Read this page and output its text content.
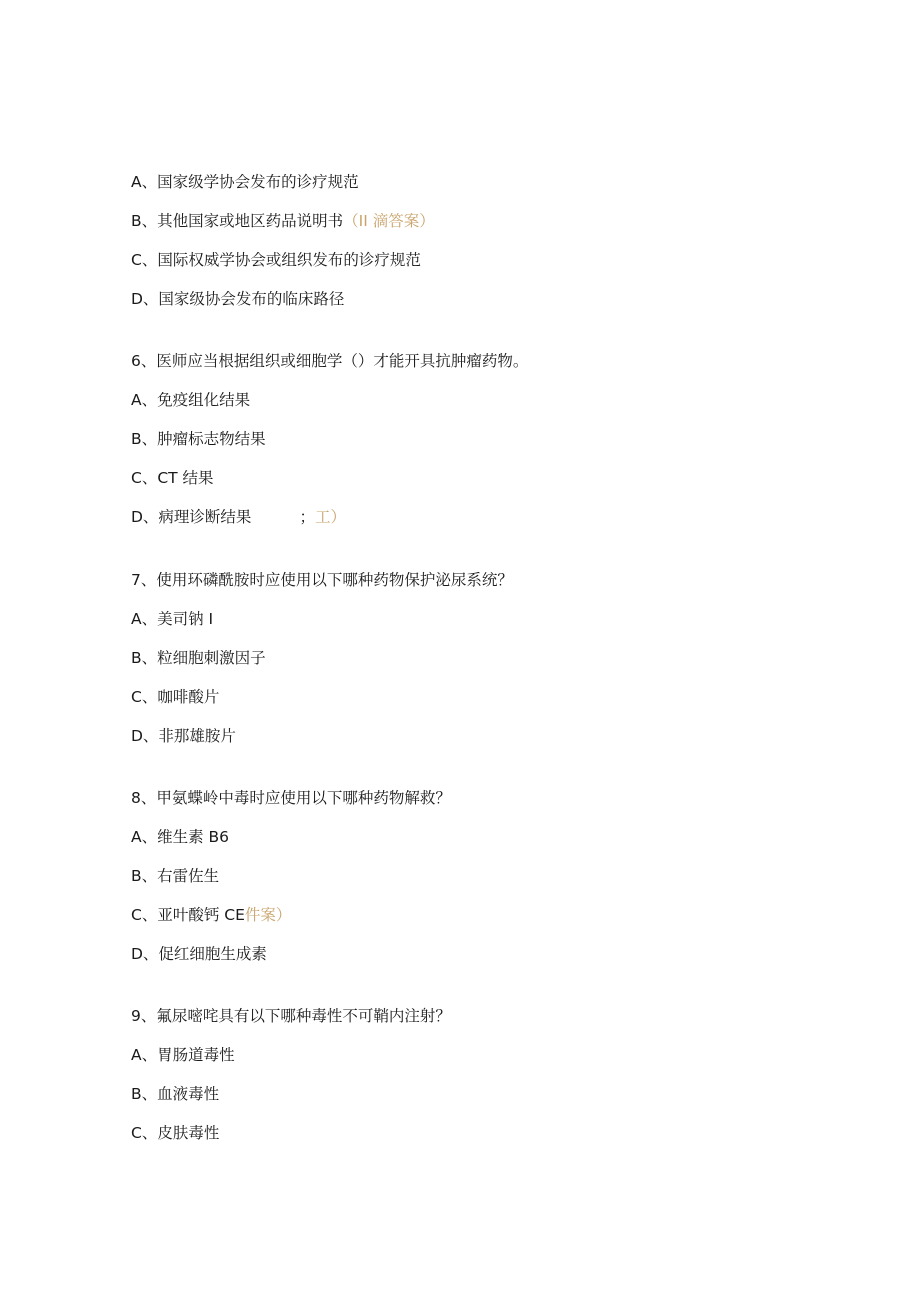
A、国家级学协会发布的诊疗规范
B、其他国家或地区药品说明书（II 滴答案）
C、国际权威学协会或组织发布的诊疗规范
D、国家级协会发布的临床路径
6、医师应当根据组织或细胞学（）才能开具抗肿瘤药物。
A、免疫组化结果
B、肿瘤标志物结果
C、CT 结果
D、病理诊断结果	；工）
7、使用环磷酰胺时应使用以下哪种药物保护泌尿系统？
A、美司钠 I
B、粒细胞刺激因子
C、咖啡酸片
D、非那雄胺片
8、甲氨蝶岭中毒时应使用以下哪种药物解救？
A、维生素 B6
B、右雷佐生
C、亚叶酸钙 CE件案）
D、促红细胞生成素
9、氟尿嘧咤具有以下哪种毒性不可鞘内注射？
A、胃肠道毒性
B、血液毒性
C、皮肤毒性
